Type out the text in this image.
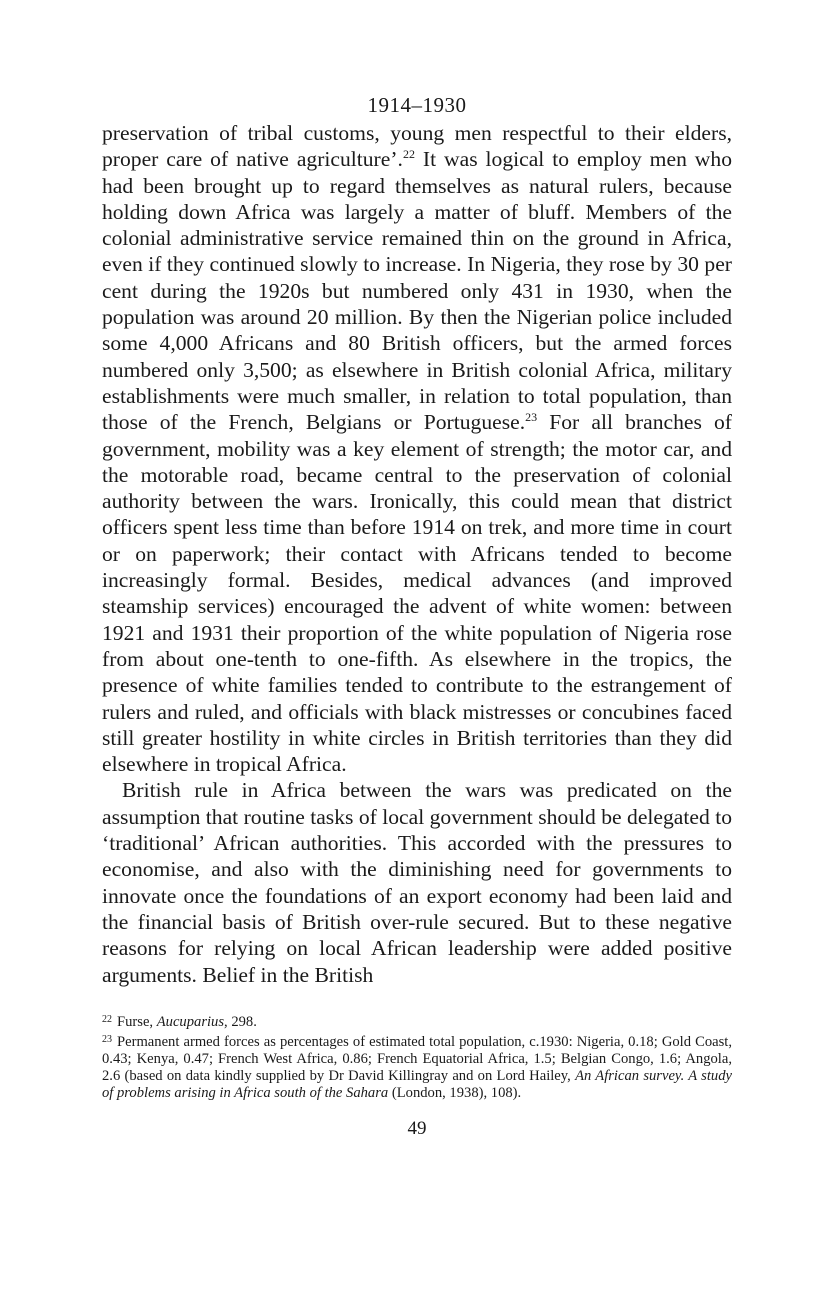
1914–1930

preservation of tribal customs, young men respectful to their elders, proper care of native agriculture’.$^{22}$ It was logical to employ men who had been brought up to regard themselves as natural rulers, because holding down Africa was largely a matter of bluff. Members of the colonial administrative service remained thin on the ground in Africa, even if they continued slowly to increase. In Nigeria, they rose by 30 per cent during the 1920s but numbered only 431 in 1930, when the population was around 20 million. By then the Nigerian police included some 4,000 Africans and 80 British officers, but the armed forces numbered only 3,500; as elsewhere in British colonial Africa, military establishments were much smaller, in relation to total population, than those of the French, Belgians or Portuguese.$^{23}$ For all branches of government, mobility was a key element of strength; the motor car, and the motorable road, became central to the preservation of colonial authority between the wars. Ironically, this could mean that district officers spent less time than before 1914 on trek, and more time in court or on paperwork; their contact with Africans tended to become increasingly formal. Besides, medical advances (and improved steamship services) encouraged the advent of white women: between 1921 and 1931 their proportion of the white population of Nigeria rose from about one-tenth to one-fifth. As elsewhere in the tropics, the presence of white families tended to contribute to the estrangement of rulers and ruled, and officials with black mistresses or concubines faced still greater hostility in white circles in British territories than they did elsewhere in tropical Africa.

British rule in Africa between the wars was predicated on the assumption that routine tasks of local government should be delegated to ‘traditional’ African authorities. This accorded with the pressures to economise, and also with the diminishing need for governments to innovate once the foundations of an export economy had been laid and the financial basis of British over-rule secured. But to these negative reasons for relying on local African leadership were added positive arguments. Belief in the British

$^{22}$ Furse, Aucuparius, 298.

$^{23}$ Permanent armed forces as percentages of estimated total population, c.1930: Nigeria, 0.18; Gold Coast, 0.43; Kenya, 0.47; French West Africa, 0.86; French Equatorial Africa, 1.5; Belgian Congo, 1.6; Angola, 2.6 (based on data kindly supplied by Dr David Killingray and on Lord Hailey, An African survey. A study of problems arising in Africa south of the Sahara (London, 1938), 108).

49
